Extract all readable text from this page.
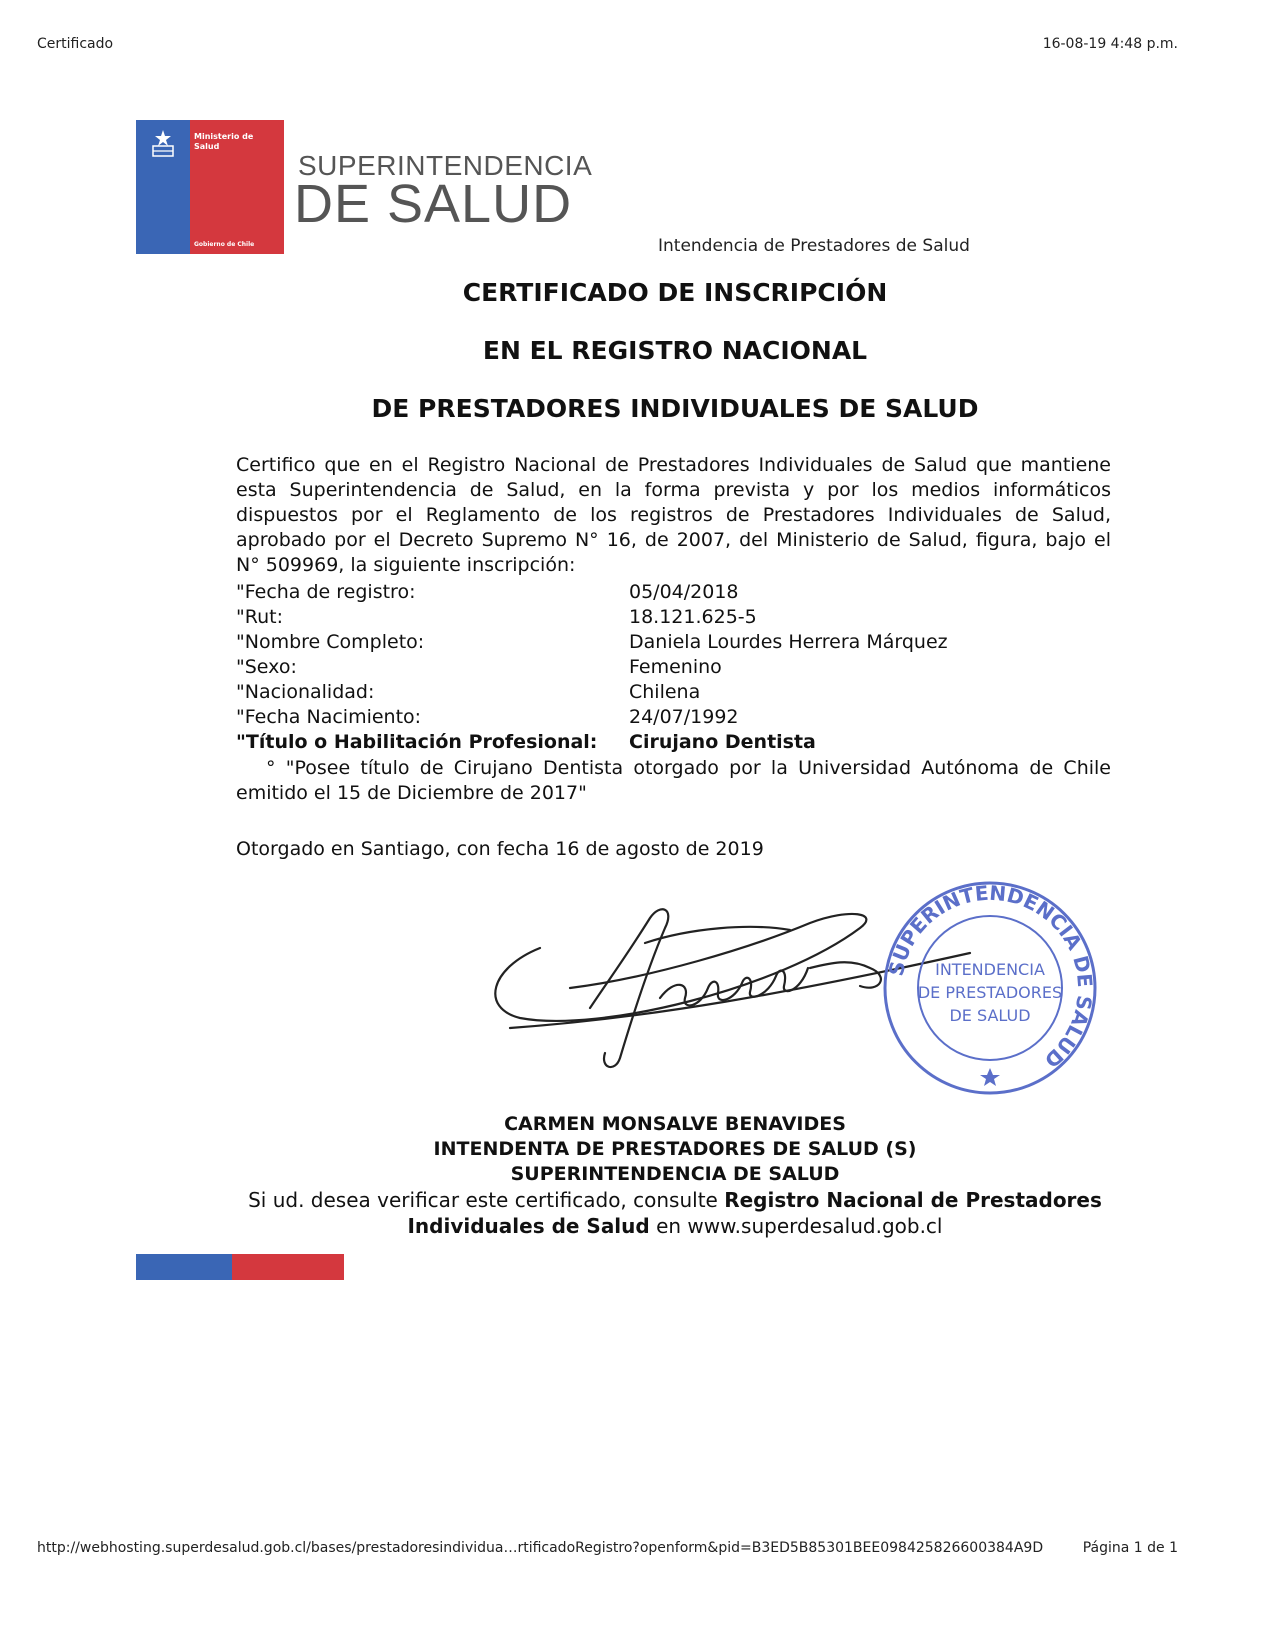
Certificado	16-08-19 4:48 p.m.
Ministerio de Salud
Gobierno de Chile
SUPERINTENDENCIA
DE SALUD
Intendencia de Prestadores de Salud
CERTIFICADO DE INSCRIPCIÓN
EN EL REGISTRO NACIONAL
DE PRESTADORES INDIVIDUALES DE SALUD
Certifico que en el Registro Nacional de Prestadores Individuales de Salud que mantiene esta Superintendencia de Salud, en la forma prevista y por los medios informáticos dispuestos por el Reglamento de los registros de Prestadores Individuales de Salud, aprobado por el Decreto Supremo N° 16, de 2007, del Ministerio de Salud, figura, bajo el N° 509969, la siguiente inscripción:
"Fecha de registro:	05/04/2018
"Rut:	18.121.625-5
"Nombre Completo:	Daniela Lourdes Herrera Márquez
"Sexo:	Femenino
"Nacionalidad:	Chilena
"Fecha Nacimiento:	24/07/1992
"Título o Habilitación Profesional:	Cirujano Dentista
° "Posee título de Cirujano Dentista otorgado por la Universidad Autónoma de Chile emitido el 15 de Diciembre de 2017"
Otorgado en Santiago, con fecha 16 de agosto de 2019
SUPERINTENDENCIA DE SALUD
INTENDENCIA
DE PRESTADORES
DE SALUD
CARMEN MONSALVE BENAVIDES
INTENDENTA DE PRESTADORES DE SALUD (S)
SUPERINTENDENCIA DE SALUD
Si ud. desea verificar este certificado, consulte Registro Nacional de Prestadores
Individuales de Salud en www.superdesalud.gob.cl
http://webhosting.superdesalud.gob.cl/bases/prestadoresindividua…rtificadoRegistro?openform&pid=B3ED5B85301BEE098425826600384A9D	Página 1 de 1
